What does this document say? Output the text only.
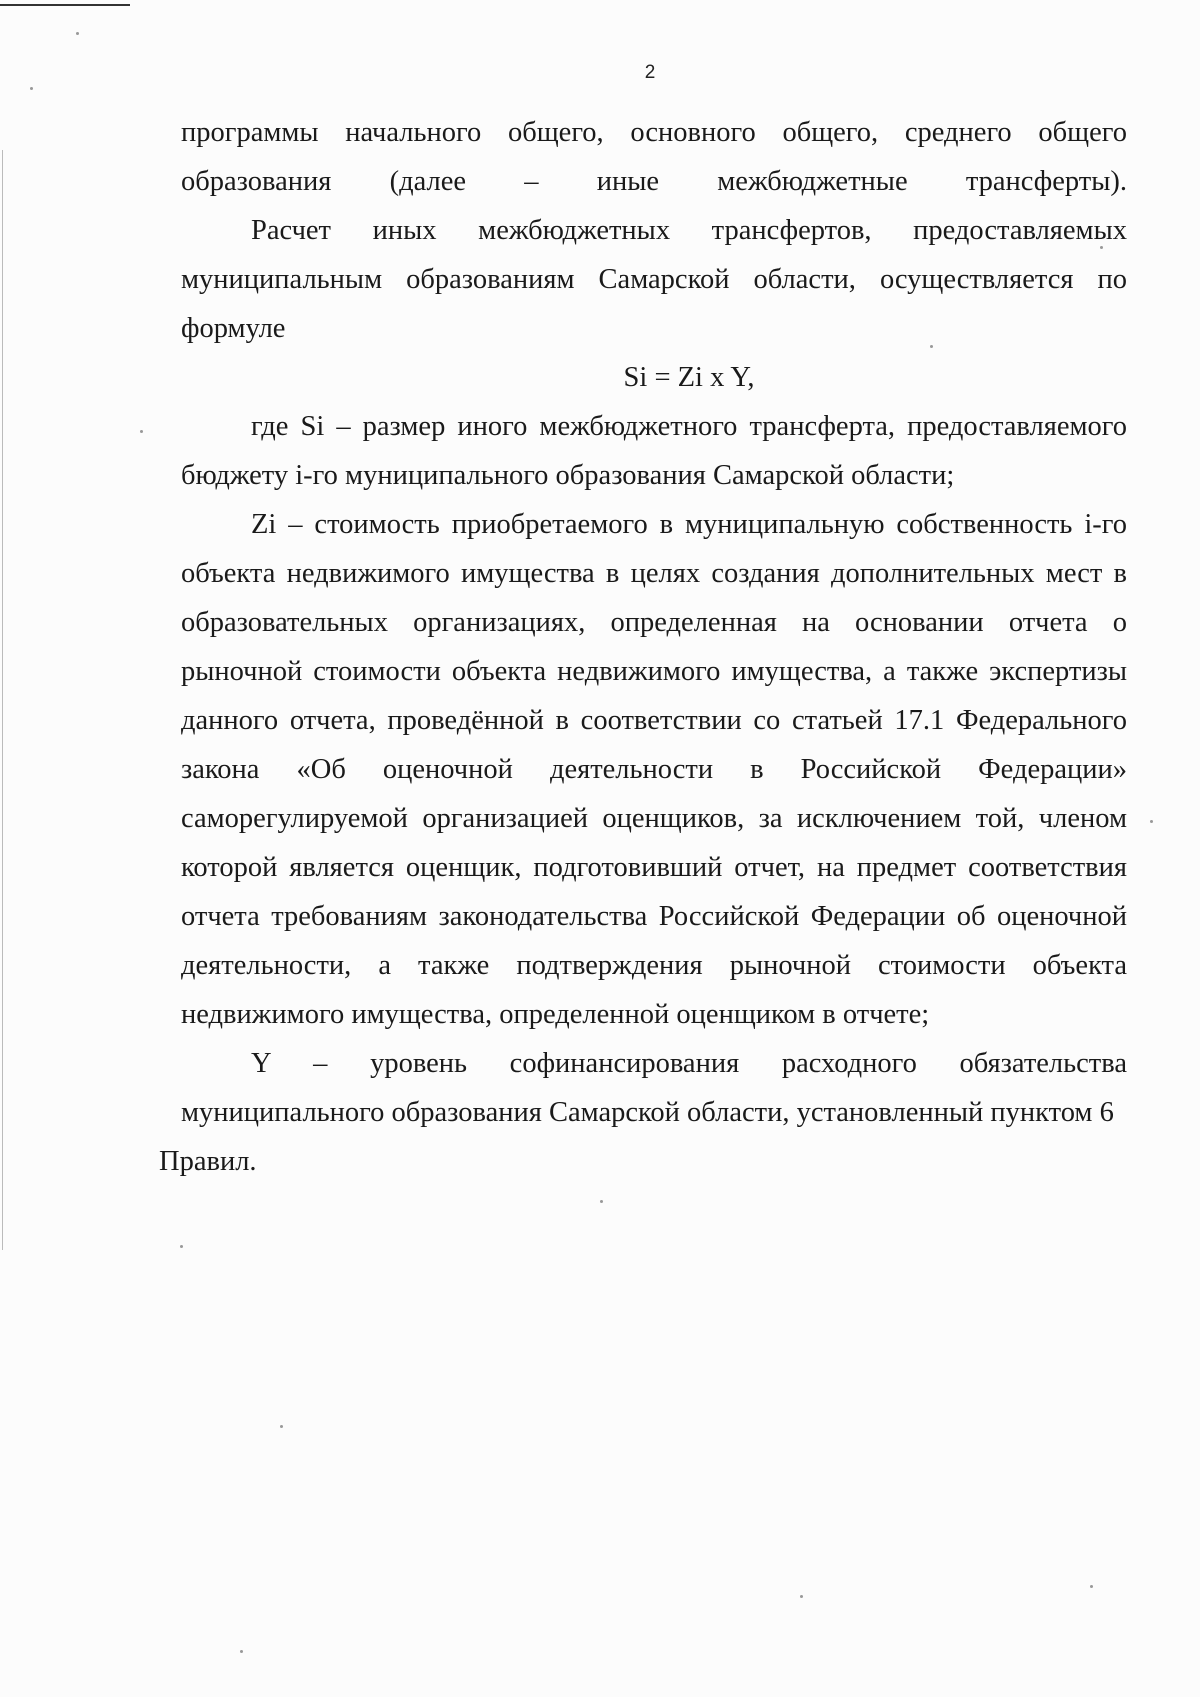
2

программы начального общего, основного общего, среднего общего образования (далее – иные межбюджетные трансферты).

Расчет иных межбюджетных трансфертов, предоставляемых муниципальным образованиям Самарской области, осуществляется по формуле

Si = Zi x Y,

где Si – размер иного межбюджетного трансферта, предоставляемого бюджету i-го муниципального образования Самарской области;

Zi – стоимость приобретаемого в муниципальную собственность i-го объекта недвижимого имущества в целях создания дополнительных мест в образовательных организациях, определенная на основании отчета о рыночной стоимости объекта недвижимого имущества, а также экспертизы данного отчета, проведённой в соответствии со статьей 17.1 Федерального закона «Об оценочной деятельности в Российской Федерации» саморегулируемой организацией оценщиков, за исключением той, членом которой является оценщик, подготовивший отчет, на предмет соответствия отчета требованиям законодательства Российской Федерации об оценочной деятельности, а также подтверждения рыночной стоимости объекта недвижимого имущества, определенной оценщиком в отчете;

Y – уровень софинансирования расходного обязательства муниципального образования Самарской области, установленный пунктом 6

Правил.
